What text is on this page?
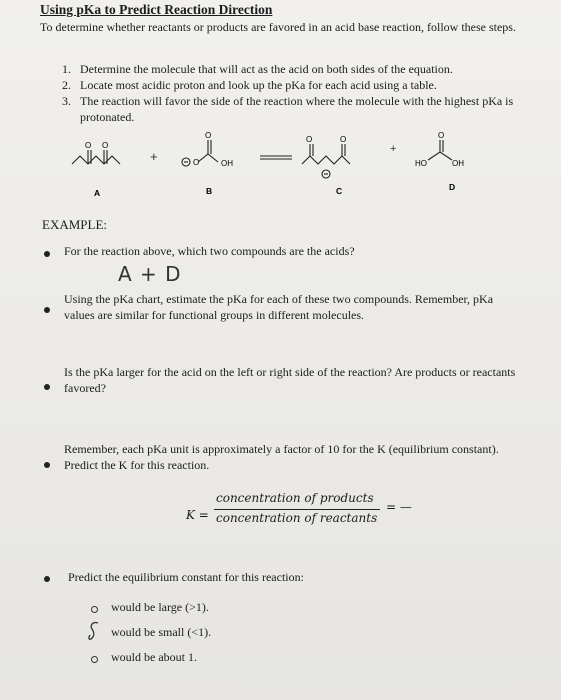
Using pKa to Predict Reaction Direction
To determine whether reactants or products are favored in an acid base reaction, follow these steps.
1. Determine the molecule that will act as the acid on both sides of the equation.
2. Locate most acidic proton and look up the pKa for each acid using a table.
3. The reaction will favor the side of the reaction where the molecule with the highest pKa is protonated.
O O
O	O	O	O
O	OH	OH
HO
+	+
A	B	C	D
EXAMPLE:
For the reaction above, which two compounds are the acids?
A + D
Using the pKa chart, estimate the pKa for each of these two compounds. Remember, pKa values are similar for functional groups in different molecules.
Is the pKa larger for the acid on the left or right side of the reaction? Are products or reactants favored?
Remember, each pKa unit is approximately a factor of 10 for the K (equilibrium constant). Predict the K for this reaction.
K =
concentration of products
concentration of reactants
= —
Predict the equilibrium constant for this reaction:
would be large (>1).
would be small (<1).
would be about 1.
